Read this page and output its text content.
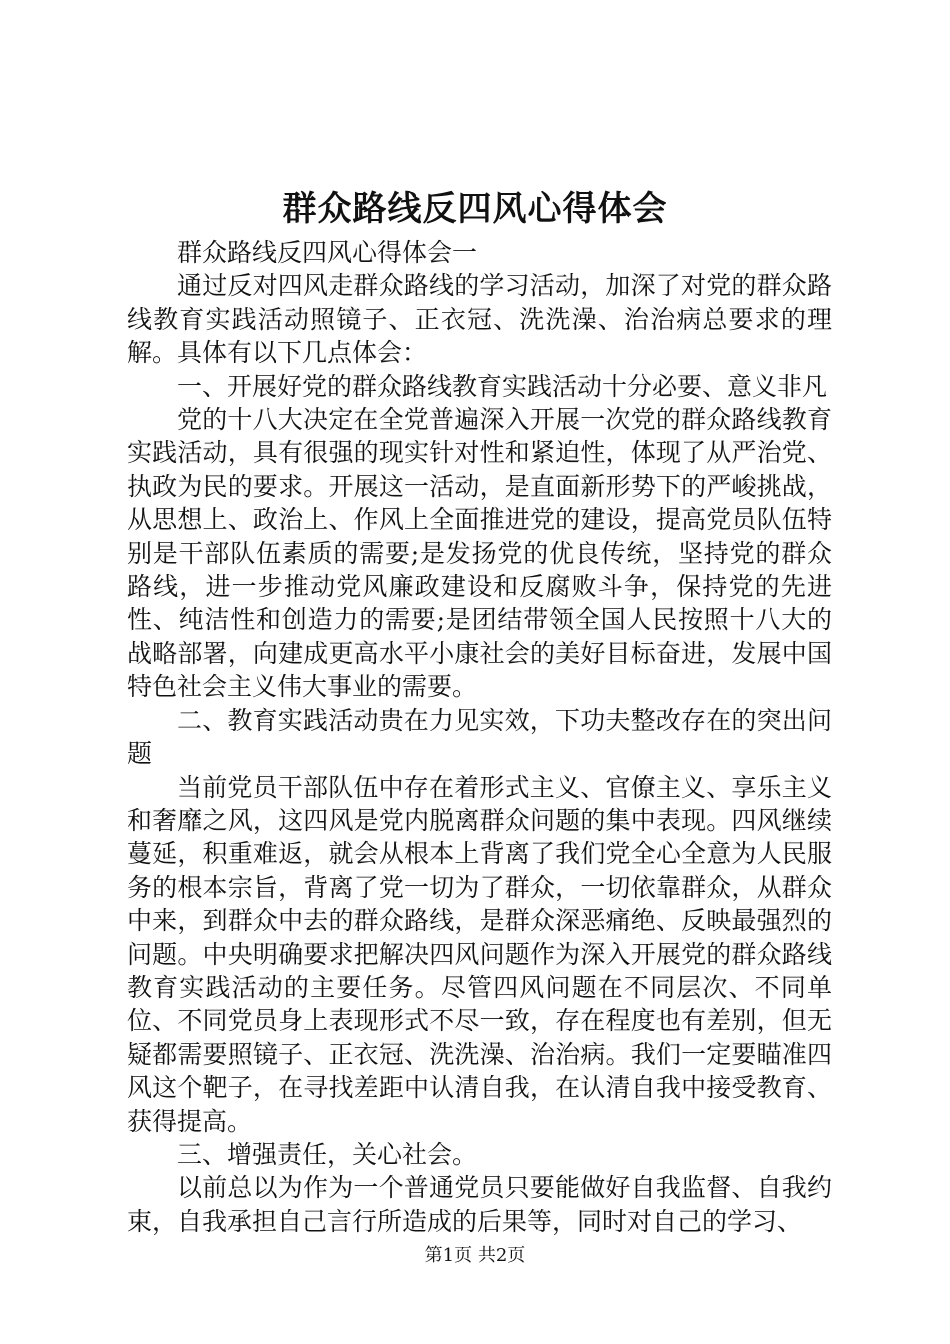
群众路线反四风心得体会

群众路线反四风心得体会一

通过反对四风走群众路线的学习活动，加深了对党的群众路线教育实践活动照镜子、正衣冠、洗洗澡、治治病总要求的理解。具体有以下几点体会：

一、开展好党的群众路线教育实践活动十分必要、意义非凡

党的十八大决定在全党普遍深入开展一次党的群众路线教育实践活动，具有很强的现实针对性和紧迫性，体现了从严治党、执政为民的要求。开展这一活动，是直面新形势下的严峻挑战，从思想上、政治上、作风上全面推进党的建设，提高党员队伍特别是干部队伍素质的需要;是发扬党的优良传统，坚持党的群众路线，进一步推动党风廉政建设和反腐败斗争，保持党的先进性、纯洁性和创造力的需要;是团结带领全国人民按照十八大的战略部署，向建成更高水平小康社会的美好目标奋进，发展中国特色社会主义伟大事业的需要。

二、教育实践活动贵在力见实效，下功夫整改存在的突出问题

当前党员干部队伍中存在着形式主义、官僚主义、享乐主义和奢靡之风，这四风是党内脱离群众问题的集中表现。四风继续蔓延，积重难返，就会从根本上背离了我们党全心全意为人民服务的根本宗旨，背离了党一切为了群众，一切依靠群众，从群众中来，到群众中去的群众路线，是群众深恶痛绝、反映最强烈的问题。中央明确要求把解决四风问题作为深入开展党的群众路线教育实践活动的主要任务。尽管四风问题在不同层次、不同单位、不同党员身上表现形式不尽一致，存在程度也有差别，但无疑都需要照镜子、正衣冠、洗洗澡、治治病。我们一定要瞄准四风这个靶子，在寻找差距中认清自我，在认清自我中接受教育、获得提高。

三、增强责任，关心社会。

以前总以为作为一个普通党员只要能做好自我监督、自我约束，自我承担自己言行所造成的后果等，同时对自己的学习、

第1页 共2页
